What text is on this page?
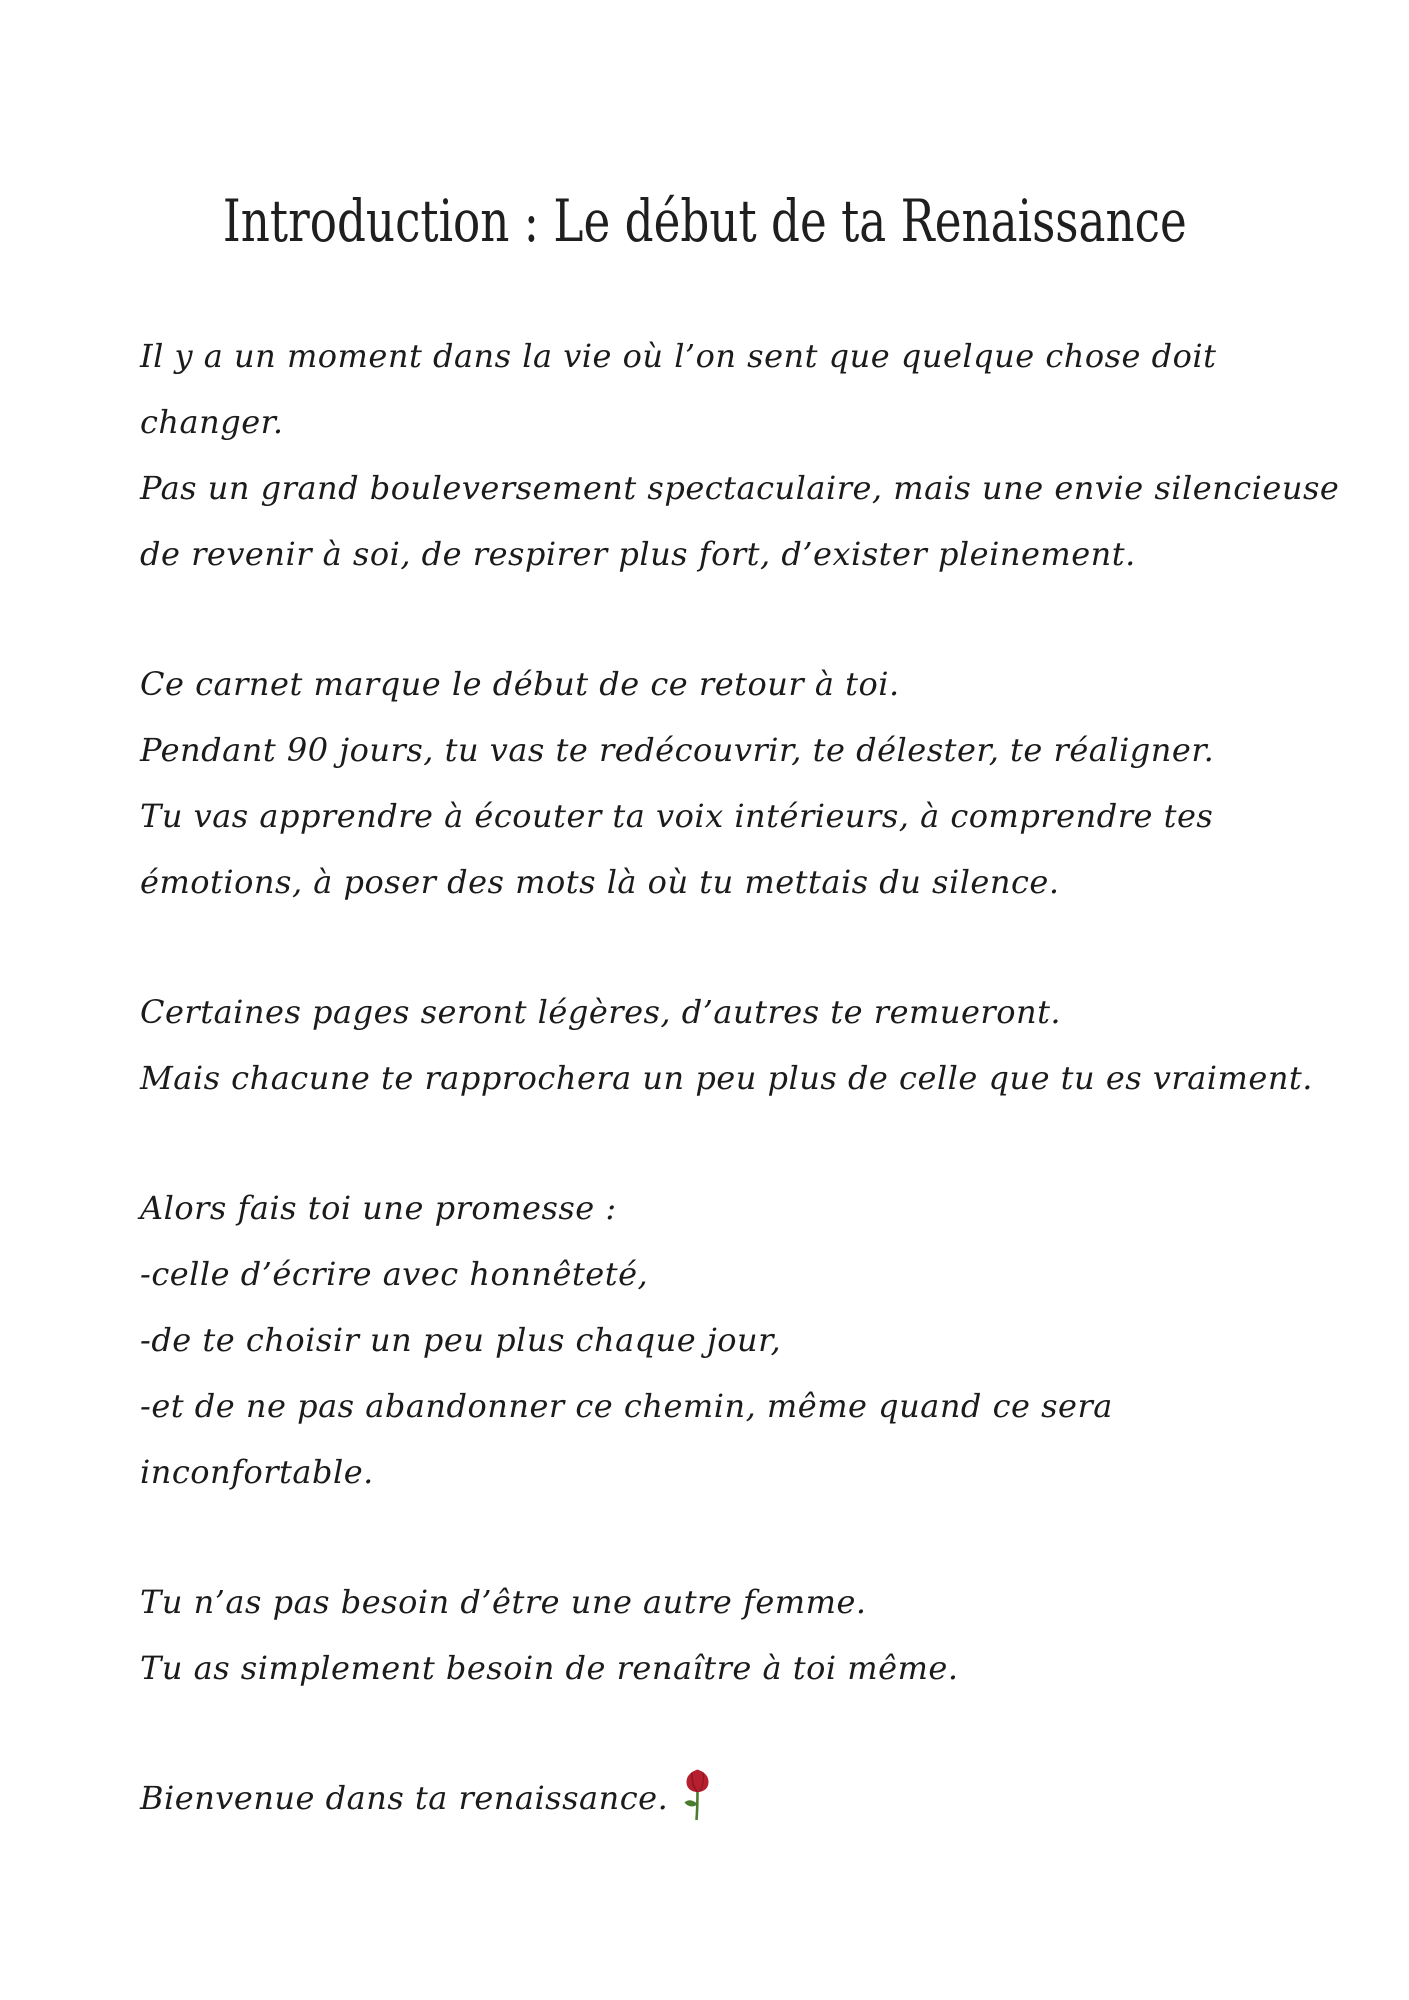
Introduction : Le début de ta Renaissance
Il y a un moment dans la vie où l’on sent que quelque chose doit
changer.
Pas un grand bouleversement spectaculaire, mais une envie silencieuse
de revenir à soi, de respirer plus fort, d’exister pleinement.
Ce carnet marque le début de ce retour à toi.
Pendant 90 jours, tu vas te redécouvrir, te délester, te réaligner.
Tu vas apprendre à écouter ta voix intérieurs, à comprendre tes
émotions, à poser des mots là où tu mettais du silence.
Certaines pages seront légères, d’autres te remueront.
Mais chacune te rapprochera un peu plus de celle que tu es vraiment.
Alors fais toi une promesse :
-celle d’écrire avec honnêteté,
-de te choisir un peu plus chaque jour,
-et de ne pas abandonner ce chemin, même quand ce sera
inconfortable.
Tu n’as pas besoin d’être une autre femme.
Tu as simplement besoin de renaître à toi même.
Bienvenue dans ta renaissance.
